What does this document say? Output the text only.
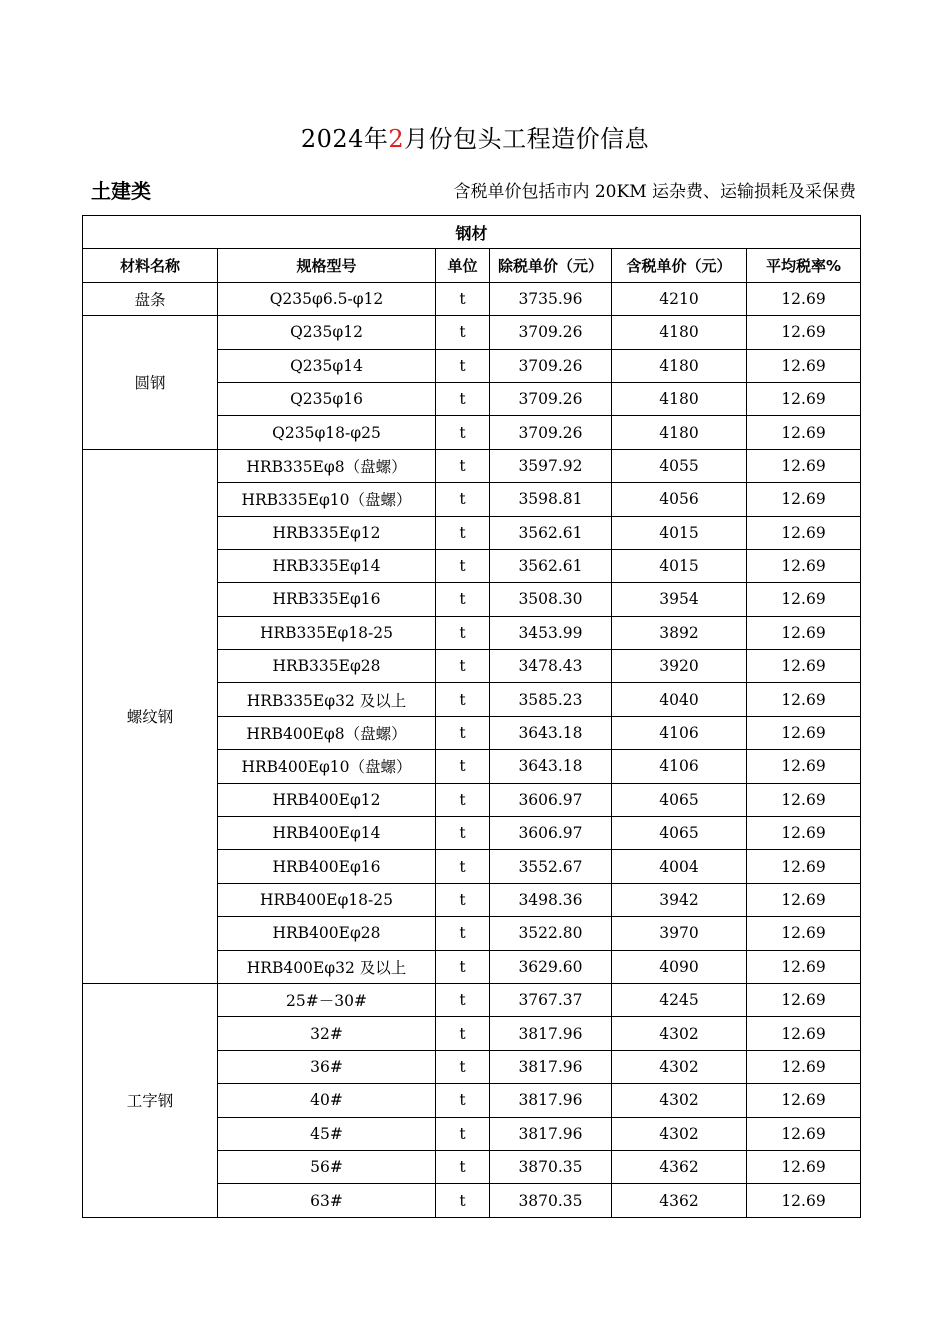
2024年2月份包头工程造价信息
土建类	含税单价包括市内 20KM 运杂费、运输损耗及采保费
钢材					
材料名称	规格型号	单位	除税单价（元）	含税单价（元）	平均税率%
盘条	Q235φ6.5-φ12	t	3735.96	4210	12.69
圆钢	Q235φ12	t	3709.26	4180	12.69
	Q235φ14	t	3709.26	4180	12.69
	Q235φ16	t	3709.26	4180	12.69
	Q235φ18-φ25	t	3709.26	4180	12.69
螺纹钢	HRB335Eφ8（盘螺）	t	3597.92	4055	12.69
	HRB335Eφ10（盘螺）	t	3598.81	4056	12.69
	HRB335Eφ12	t	3562.61	4015	12.69
	HRB335Eφ14	t	3562.61	4015	12.69
	HRB335Eφ16	t	3508.30	3954	12.69
	HRB335Eφ18-25	t	3453.99	3892	12.69
	HRB335Eφ28	t	3478.43	3920	12.69
	HRB335Eφ32 及以上	t	3585.23	4040	12.69
	HRB400Eφ8（盘螺）	t	3643.18	4106	12.69
	HRB400Eφ10（盘螺）	t	3643.18	4106	12.69
	HRB400Eφ12	t	3606.97	4065	12.69
	HRB400Eφ14	t	3606.97	4065	12.69
	HRB400Eφ16	t	3552.67	4004	12.69
	HRB400Eφ18-25	t	3498.36	3942	12.69
	HRB400Eφ28	t	3522.80	3970	12.69
	HRB400Eφ32 及以上	t	3629.60	4090	12.69
工字钢	25#－30#	t	3767.37	4245	12.69
	32#	t	3817.96	4302	12.69
	36#	t	3817.96	4302	12.69
	40#	t	3817.96	4302	12.69
	45#	t	3817.96	4302	12.69
	56#	t	3870.35	4362	12.69
	63#	t	3870.35	4362	12.69
